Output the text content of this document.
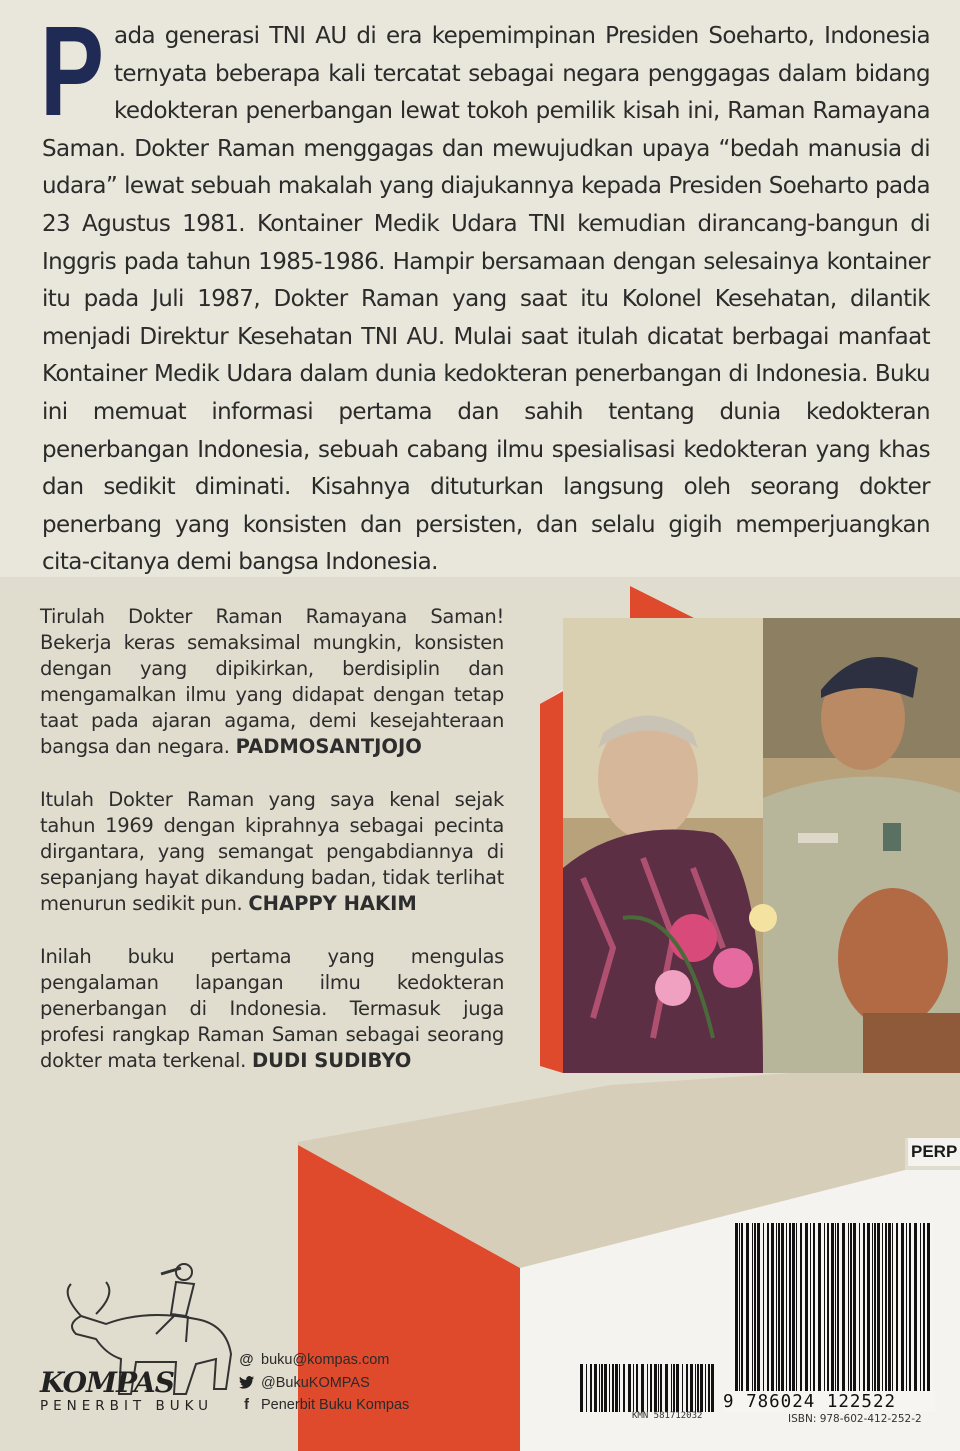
P ada generasi TNI AU di era kepemimpinan Presiden Soeharto, Indonesia ternyata beberapa kali tercatat sebagai negara penggagas dalam bidang kedokteran penerbangan lewat tokoh pemilik kisah ini, Raman Ramayana Saman. Dokter Raman menggagas dan mewujudkan upaya “bedah manusia di udara” lewat sebuah makalah yang diajukannya kepada Presiden Soeharto pada 23 Agustus 1981. Kontainer Medik Udara TNI kemudian dirancang-bangun di Inggris pada tahun 1985-1986. Hampir bersamaan dengan selesainya kontainer itu pada Juli 1987, Dokter Raman yang saat itu Kolonel Kesehatan, dilantik menjadi Direktur Kesehatan TNI AU. Mulai saat itulah dicatat berbagai manfaat Kontainer Medik Udara dalam dunia kedokteran penerbangan di Indonesia. Buku ini memuat informasi pertama dan sahih tentang dunia kedokteran penerbangan Indonesia, sebuah cabang ilmu spesialisasi kedokteran yang khas dan sedikit diminati. Kisahnya dituturkan langsung oleh seorang dokter penerbang yang konsisten dan persisten, dan selalu gigih memperjuangkan cita-citanya demi bangsa Indonesia.
PERP

Tirulah Dokter Raman Ramayana Saman! Bekerja keras semaksimal mungkin, konsisten dengan yang dipikirkan, berdisiplin dan mengamalkan ilmu yang didapat dengan tetap taat pada ajaran agama, demi kesejahteraan bangsa dan negara. PADMOSANTJOJO

Itulah Dokter Raman yang saya kenal sejak tahun 1969 dengan kiprahnya sebagai pecinta dirgantara, yang semangat pengabdiannya di sepanjang hayat dikandung badan, tidak terlihat menurun sedikit pun. CHAPPY HAKIM

Inilah buku pertama yang mengulas pengalaman lapangan ilmu kedokteran penerbangan di Indonesia. Termasuk juga profesi rangkap Raman Saman sebagai seorang dokter mata terkenal. DUDI SUDIBYO

KOMPAS
PENERBIT BUKU
@ buku@kompas.com
@BukuKOMPAS
f Penerbit Buku Kompas
KMN 581712032
9 786024 122522
ISBN: 978-602-412-252-2
